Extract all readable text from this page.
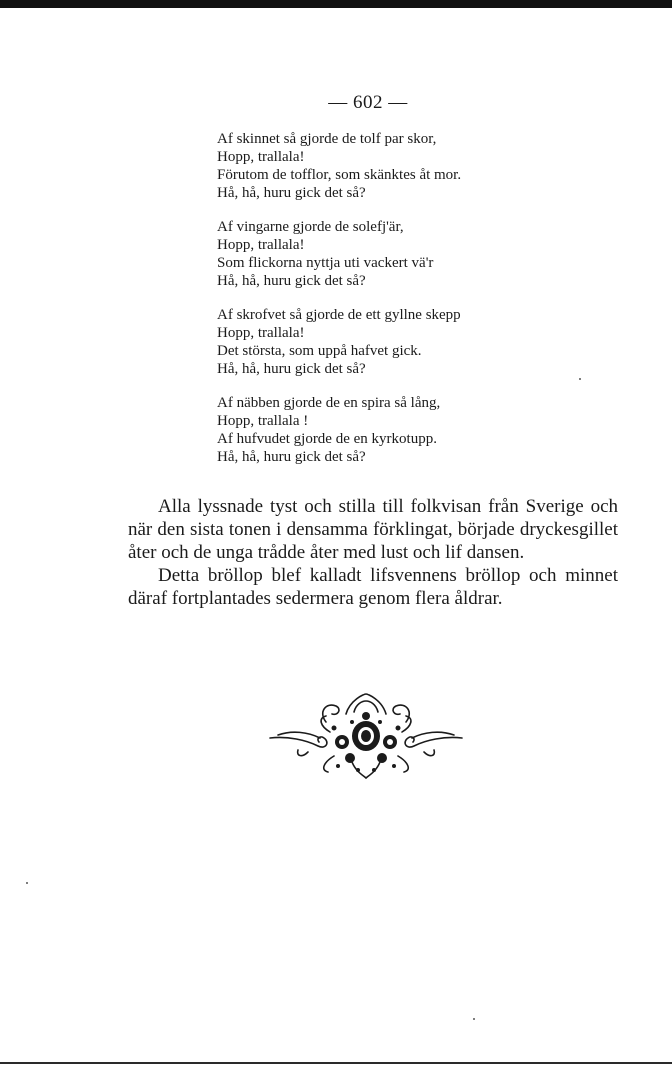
— 602 —
Af skinnet så gjorde de tolf par skor,
Hopp, trallala!
Förutom de tofflor, som skänktes åt mor.
Hå, hå, huru gick det så?
Af vingarne gjorde de solefj'är,
Hopp, trallala!
Som flickorna nyttja uti vackert vä'r
Hå, hå, huru gick det så?
Af skrofvet så gjorde de ett gyllne skepp
Hopp, trallala!
Det största, som uppå hafvet gick.
Hå, hå, huru gick det så?
Af näbben gjorde de en spira så lång,
Hopp, trallala !
Af hufvudet gjorde de en kyrkotupp.
Hå, hå, huru gick det så?

Alla lyssnade tyst och stilla till folkvisan från Sverige och när den sista tonen i densamma förklingat, började dryckesgillet åter och de unga trådde åter med lust och lif dansen.

Detta bröllop blef kalladt lifsvennens bröllop och minnet däraf fortplantades sedermera genom flera åldrar.
